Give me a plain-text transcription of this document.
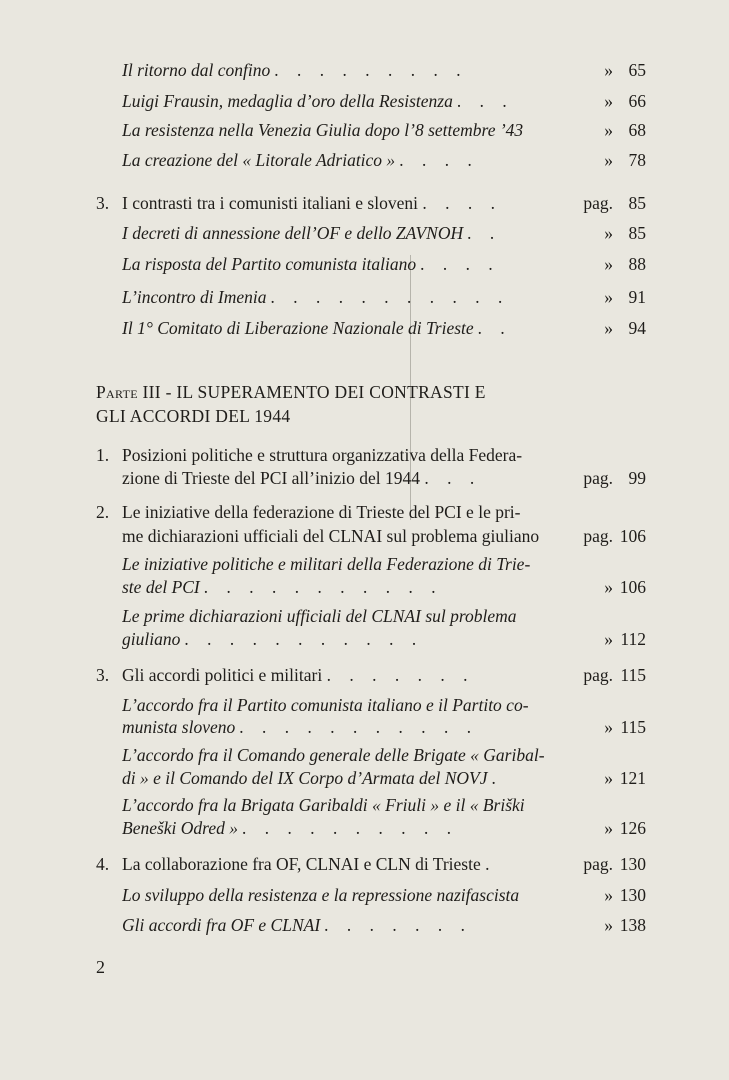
Il ritorno dal confino . . . . . . . . .	» 65
Luigi Frausin, medaglia d’oro della Resistenza . . .	» 66
La resistenza nella Venezia Giulia dopo l’8 settembre ’43	» 68
La creazione del « Litorale Adriatico » . . . .	» 78
3. I contrasti tra i comunisti italiani e sloveni . . . .	pag. 85
I decreti di annessione dell’OF e dello ZAVNOH . .	» 85
La risposta del Partito comunista italiano . . . .	» 88
L’incontro di Imenia . . . . . . . . . . .	» 91
Il 1° Comitato di Liberazione Nazionale di Trieste . .	» 94
Parte III - IL SUPERAMENTO DEI CONTRASTI E
GLI ACCORDI DEL 1944
1. Posizioni politiche e struttura organizzativa della Federa-
zione di Trieste del PCI all’inizio del 1944 . . .	pag. 99
2. Le iniziative della federazione di Trieste del PCI e le pri-
me dichiarazioni ufficiali del CLNAI sul problema giuliano	pag. 106
Le iniziative politiche e militari della Federazione di Trie-
ste del PCI . . . . . . . . . . .	» 106
Le prime dichiarazioni ufficiali del CLNAI sul problema
giuliano . . . . . . . . . . .	» 112
3. Gli accordi politici e militari . . . . . . .	pag. 115
L’accordo fra il Partito comunista italiano e il Partito co-
munista sloveno . . . . . . . . . . .	» 115
L’accordo fra il Comando generale delle Brigate « Garibal-
di » e il Comando del IX Corpo d’Armata del NOVJ .	» 121
L’accordo fra la Brigata Garibaldi « Friuli » e il « Briški
Beneški Odred » . . . . . . . . . .	» 126
4. La collaborazione fra OF, CLNAI e CLN di Trieste .	pag. 130
Lo sviluppo della resistenza e la repressione nazifascista	» 130
Gli accordi fra OF e CLNAI . . . . . . .	» 138
2
